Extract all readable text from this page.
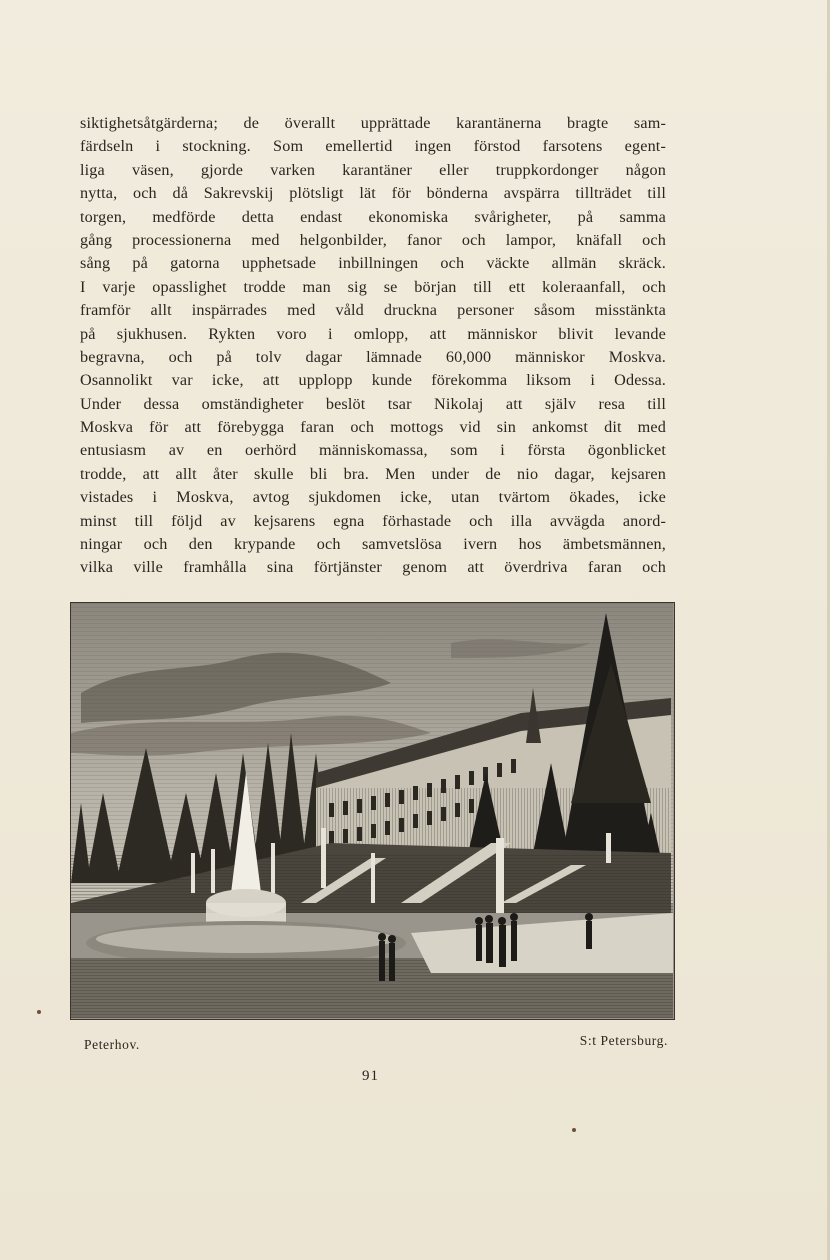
siktighetsåtgärderna; de överallt upprättade karantänerna bragte sam-
färdseln i stockning. Som emellertid ingen förstod farsotens egent-
liga väsen, gjorde varken karantäner eller truppkordonger någon
nytta, och då Sakrevskij plötsligt lät för bönderna avspärra tillträdet till
torgen, medförde detta endast ekonomiska svårigheter, på samma
gång processionerna med helgonbilder, fanor och lampor, knäfall och
sång på gatorna upphetsade inbillningen och väckte allmän skräck.
I varje opasslighet trodde man sig se början till ett koleraanfall, och
framför allt inspärrades med våld druckna personer såsom misstänkta
på sjukhusen. Rykten voro i omlopp, att människor blivit levande
begravna, och på tolv dagar lämnade 60,000 människor Moskva.
Osannolikt var icke, att upplopp kunde förekomma liksom i Odessa.
Under dessa omständigheter beslöt tsar Nikolaj att själv resa till
Moskva för att förebygga faran och mottogs vid sin ankomst dit med
entusiasm av en oerhörd människomassa, som i första ögonblicket
trodde, att allt åter skulle bli bra. Men under de nio dagar, kejsaren
vistades i Moskva, avtog sjukdomen icke, utan tvärtom ökades, icke
minst till följd av kejsarens egna förhastade och illa avvägda anord-
ningar och den krypande och samvetslösa ivern hos ämbetsmännen,
vilka ville framhålla sina förtjänster genom att överdriva faran och
Peterhov.	S:t Petersburg.
91
